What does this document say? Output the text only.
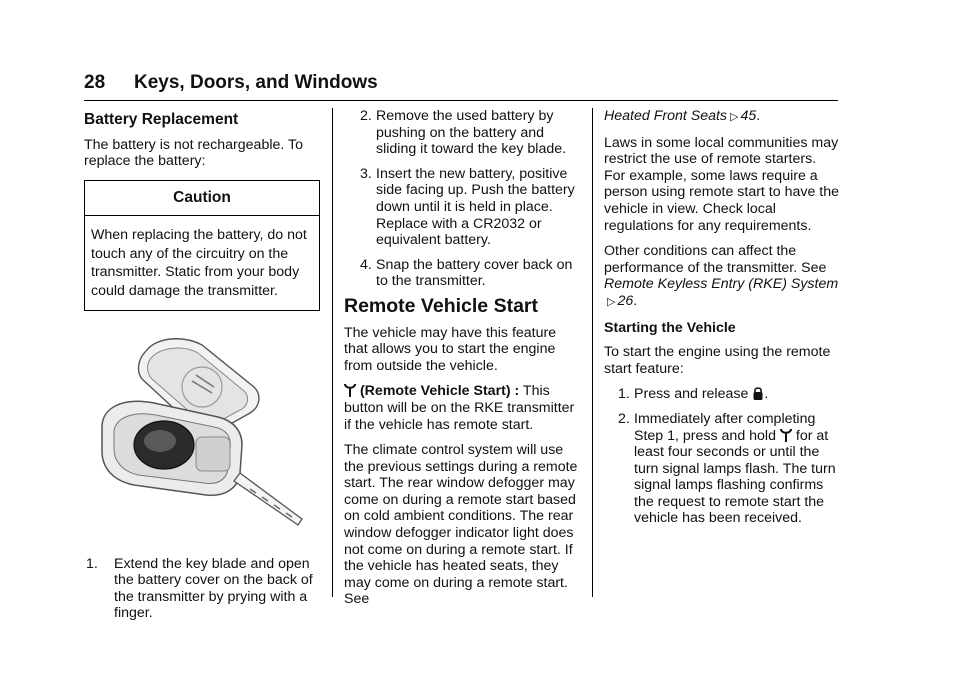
28 Keys, Doors, and Windows
Battery Replacement

The battery is not rechargeable. To replace the battery:

Caution
When replacing the battery, do not touch any of the circuitry on the transmitter. Static from your body could damage the transmitter.
1. Extend the key blade and open the battery cover on the back of the transmitter by prying with a finger.
2. Remove the used battery by pushing on the battery and sliding it toward the key blade.
3. Insert the new battery, positive side facing up. Push the battery down until it is held in place. Replace with a CR2032 or equivalent battery.
4. Snap the battery cover back on to the transmitter.
Remote Vehicle Start

The vehicle may have this feature that allows you to start the engine from outside the vehicle.

(Remote Vehicle Start) : This button will be on the RKE transmitter if the vehicle has remote start.

The climate control system will use the previous settings during a remote start. The rear window defogger may come on during a remote start based on cold ambient conditions. The rear window defogger indicator light does not come on during a remote start. If the vehicle has heated seats, they may come on during a remote start. See

Heated Front Seats ▷ 45.

Laws in some local communities may restrict the use of remote starters. For example, some laws require a person using remote start to have the vehicle in view. Check local regulations for any requirements.

Other conditions can affect the performance of the transmitter. See Remote Keyless Entry (RKE) System▷ 26.

Starting the Vehicle

To start the engine using the remote start feature:

1. Press and release .
2. Immediately after completing Step 1, press and hold for at least four seconds or until the turn signal lamps flash. The turn signal lamps flashing confirms the request to remote start the vehicle has been received.
